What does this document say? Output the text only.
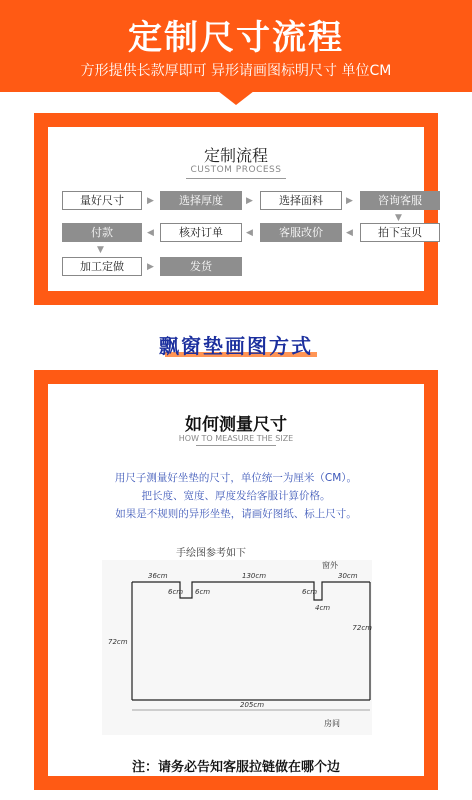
定制尺寸流程
方形提供长款厚即可 异形请画图标明尺寸 单位CM
定制流程
CUSTOM PROCESS
量好尺寸	▶	选择厚度	▶	选择面料	▶	咨询客服
▼
付款	◀	核对订单	◀	客服改价	◀	拍下宝贝
▼
加工定做	▶	发货
飘窗垫画图方式
如何测量尺寸
HOW TO MEASURE THE SIZE
用尺子测量好坐垫的尺寸，单位统一为厘米（CM）。
把长度、宽度、厚度发给客服计算价格。
如果是不规则的异形坐垫，请画好图纸、标上尺寸。
手绘图参考如下
36cm	130cm	30cm
6cm 6cm	6cm
4cm
72cm
72cm
205cm
窗外
房间
注：请务必告知客服拉链做在哪个边
